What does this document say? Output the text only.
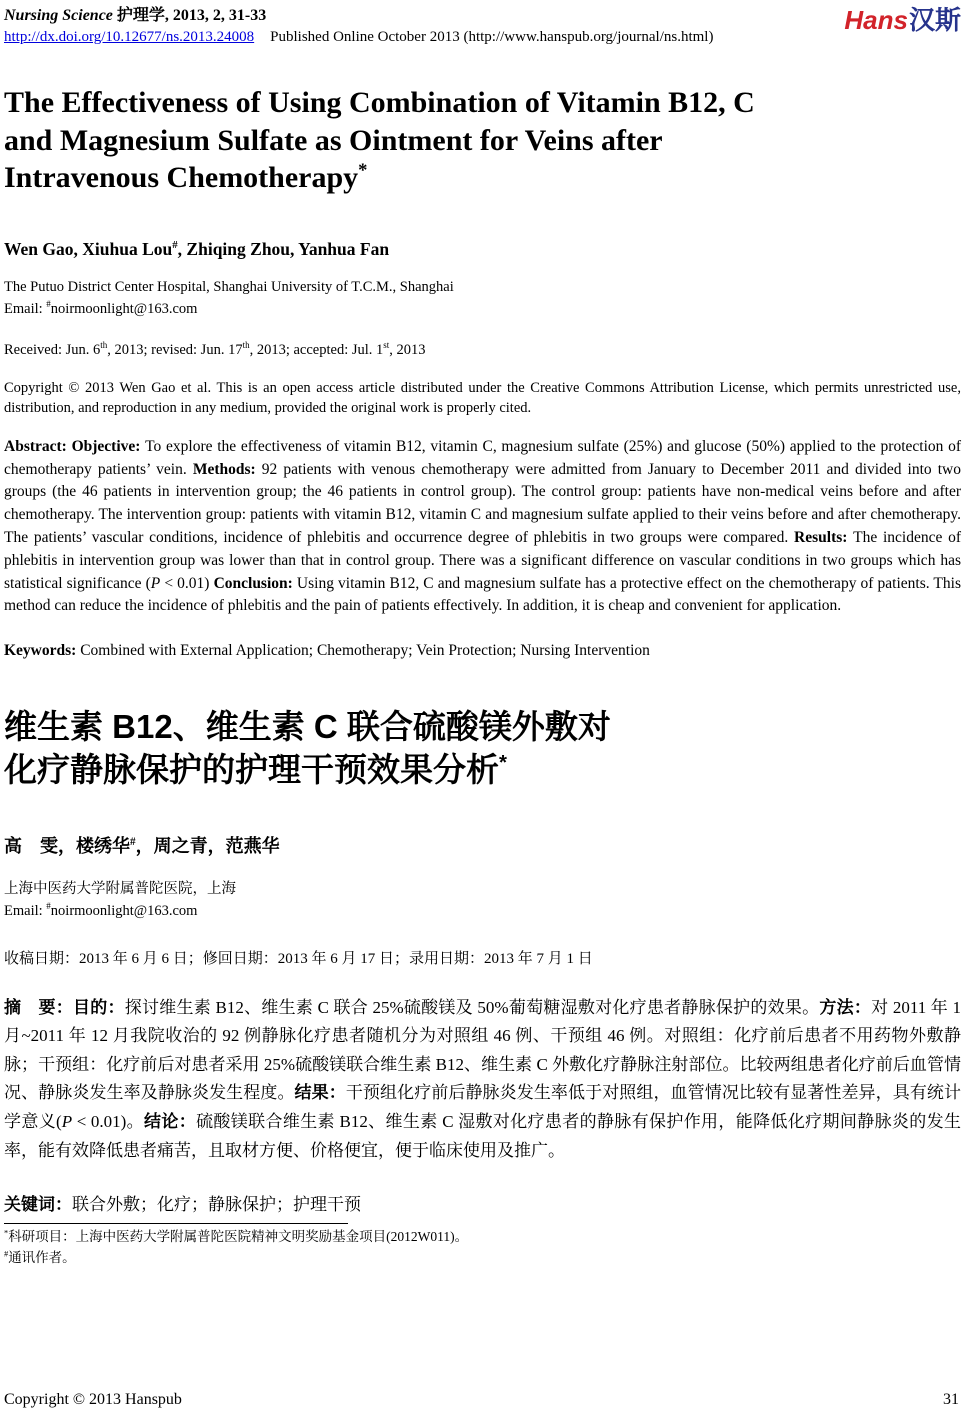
Nursing Science 护理学, 2013, 2, 31-33
http://dx.doi.org/10.12677/ns.2013.24008 Published Online October 2013 (http://www.hanspub.org/journal/ns.html)
Hans汉斯
The Effectiveness of Using Combination of Vitamin B12, C
and Magnesium Sulfate as Ointment for Veins after
Intravenous Chemotherapy*
Wen Gao, Xiuhua Lou#, Zhiqing Zhou, Yanhua Fan
The Putuo District Center Hospital, Shanghai University of T.C.M., Shanghai
Email: #noirmoonlight@163.com
Received: Jun. 6th, 2013; revised: Jun. 17th, 2013; accepted: Jul. 1st, 2013
Copyright © 2013 Wen Gao et al. This is an open access article distributed under the Creative Commons Attribution License, which permits unrestricted use, distribution, and reproduction in any medium, provided the original work is properly cited.
Abstract: Objective: To explore the effectiveness of vitamin B12, vitamin C, magnesium sulfate (25%) and glucose (50%) applied to the protection of chemotherapy patients’ vein. Methods: 92 patients with venous chemotherapy were admitted from January to December 2011 and divided into two groups (the 46 patients in intervention group; the 46 patients in control group). The control group: patients have non-medical veins before and after chemotherapy. The intervention group: patients with vitamin B12, vitamin C and magnesium sulfate applied to their veins before and after chemotherapy. The patients’ vascular conditions, incidence of phlebitis and occurrence degree of phlebitis in two groups were compared. Results: The incidence of phlebitis in intervention group was lower than that in control group. There was a significant difference on vascular conditions in two groups which has statistical significance (P < 0.01) Conclusion: Using vitamin B12, C and magnesium sulfate has a protective effect on the chemotherapy of patients. This method can reduce the incidence of phlebitis and the pain of patients effectively. In addition, it is cheap and convenient for application.
Keywords: Combined with External Application; Chemotherapy; Vein Protection; Nursing Intervention
维生素 B12、维生素 C 联合硫酸镁外敷对
化疗静脉保护的护理干预效果分析*
高　雯，楼绣华#，周之青，范燕华
上海中医药大学附属普陀医院，上海
Email: #noirmoonlight@163.com
收稿日期：2013 年 6 月 6 日；修回日期：2013 年 6 月 17 日；录用日期：2013 年 7 月 1 日
摘　要：目的：探讨维生素 B12、维生素 C 联合 25%硫酸镁及 50%葡萄糖湿敷对化疗患者静脉保护的效果。方法：对 2011 年 1 月~2011 年 12 月我院收治的 92 例静脉化疗患者随机分为对照组 46 例、干预组 46 例。对照组：化疗前后患者不用药物外敷静脉；干预组：化疗前后对患者采用 25%硫酸镁联合维生素 B12、维生素 C 外敷化疗静脉注射部位。比较两组患者化疗前后血管情况、静脉炎发生率及静脉炎发生程度。结果：干预组化疗前后静脉炎发生率低于对照组，血管情况比较有显著性差异，具有统计学意义(P < 0.01)。结论：硫酸镁联合维生素 B12、维生素 C 湿敷对化疗患者的静脉有保护作用，能降低化疗期间静脉炎的发生率，能有效降低患者痛苦，且取材方便、价格便宜，便于临床使用及推广。
关键词：联合外敷；化疗；静脉保护；护理干预
*科研项目：上海中医药大学附属普陀医院精神文明奖励基金项目(2012W011)。
#通讯作者。
Copyright © 2013 Hanspub	31
